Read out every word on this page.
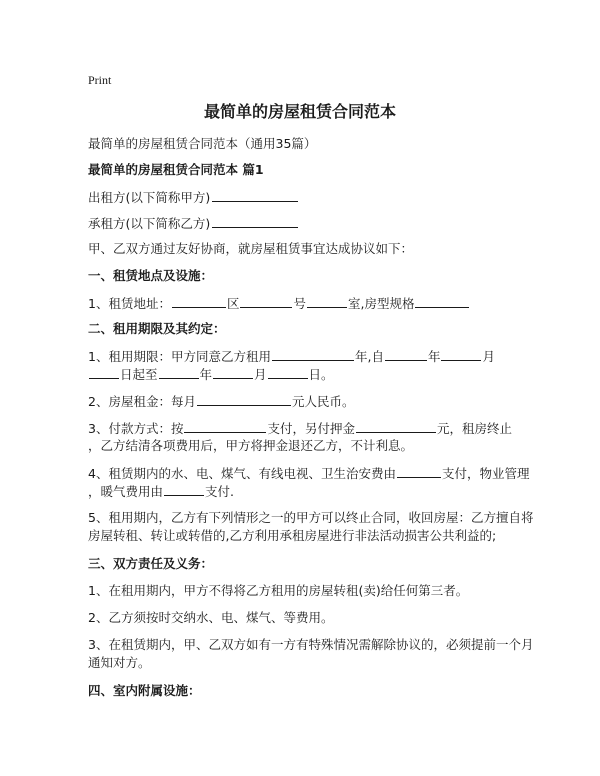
Print
最简单的房屋租赁合同范本
最简单的房屋租赁合同范本（通用35篇）
最简单的房屋租赁合同范本 篇1
出租方(以下简称甲方)
承租方(以下简称乙方)
甲、乙双方通过友好协商，就房屋租赁事宜达成协议如下：
一、租赁地点及设施：
1、租赁地址：	区	号	室,房型规格
二、租用期限及其约定：
1、租用期限：甲方同意乙方租用	年,自	年	月
日起至	年	月	日。
2、房屋租金：每月	元人民币。
3、付款方式：按	支付，另付押金	元，租房终止
，乙方结清各项费用后，甲方将押金退还乙方，不计利息。
4、租赁期内的水、电、煤气、有线电视、卫生治安费由	支付，物业管理
，暖气费用由	支付.
5、租用期内，乙方有下列情形之一的甲方可以终止合同，收回房屋：乙方擅自将
房屋转租、转让或转借的,乙方利用承租房屋进行非法活动损害公共利益的;
三、双方责任及义务：
1、在租用期内，甲方不得将乙方租用的房屋转租(卖)给任何第三者。
2、乙方须按时交纳水、电、煤气、等费用。
3、在租赁期内，甲、乙双方如有一方有特殊情况需解除协议的，必须提前一个月
通知对方。
四、室内附属设施：
